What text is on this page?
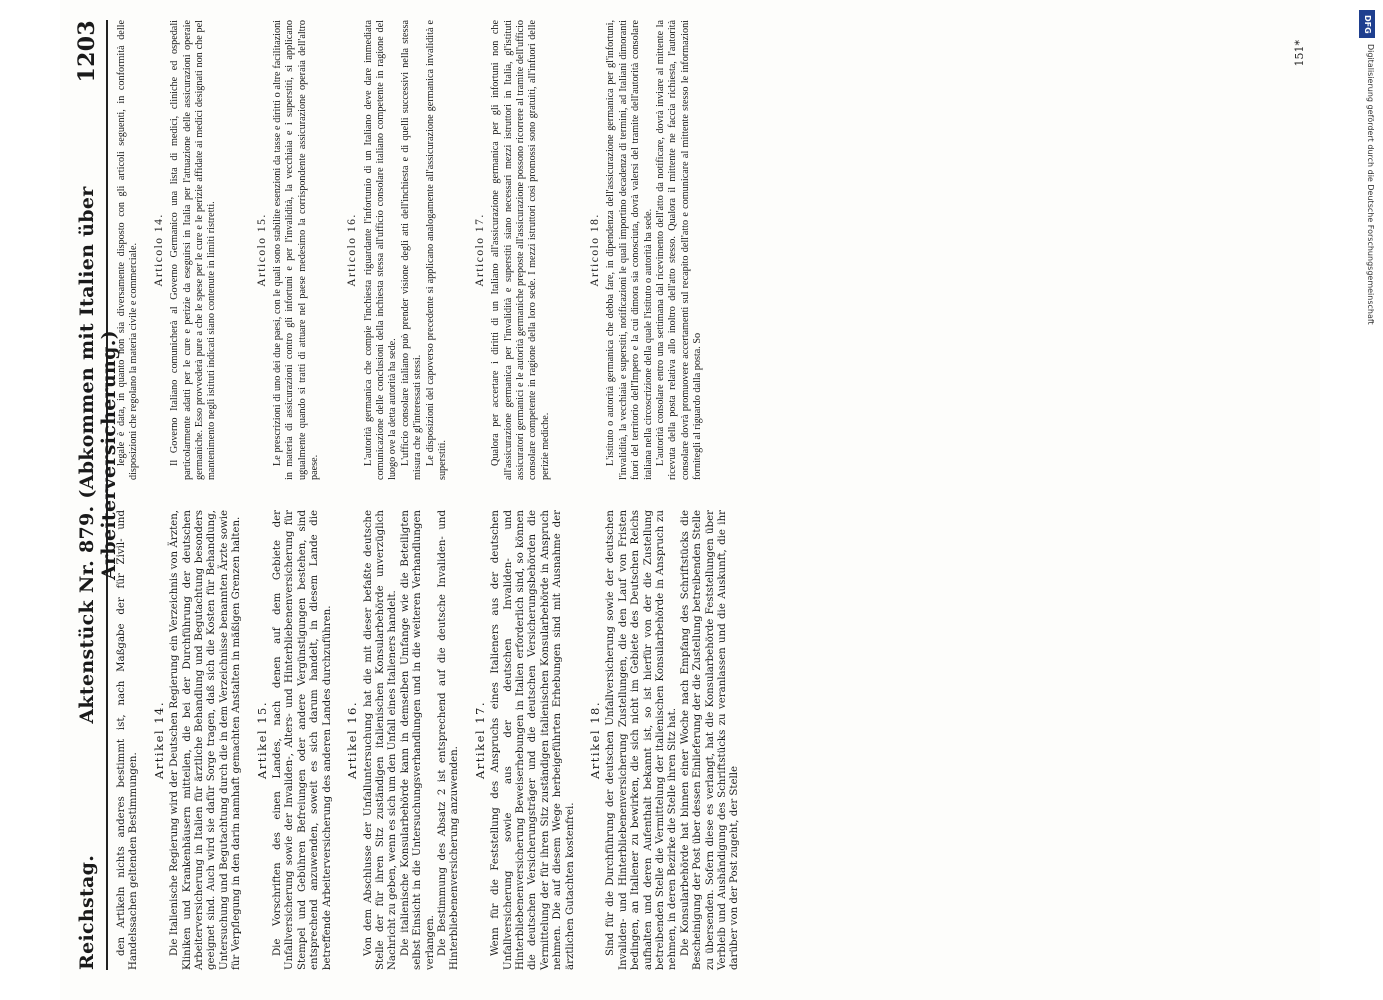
Reichstag.
Aktenstück Nr. 879. (Abkommen mit Italien über Arbeiterversicherung.)
1203

den Artikeln nichts anderes bestimmt ist, nach Maßgabe der für Zivil- und Handelssachen geltenden Bestimmungen.

legale è data, in quanto non sia diversamente disposto con gli articoli seguenti, in conformità delle disposizioni che regolano la materia civile e commerciale.

Artikel 14. Die Italienische Regierung wird der Deutschen Regierung ein Verzeichnis von Ärzten, Kliniken und Krankenhäusern mitteilen, die bei der Durchführung der deutschen Arbeiterversicherung in Italien für ärztliche Behandlung und Begutachtung besonders geeignet sind. Auch wird sie dafür Sorge tragen, daß sich die Kosten für Behandlung, Untersuchung und Begutachtung durch die in dem Verzeichnisse benannten Ärzte sowie für Verpflegung in den darin namhaft gemachten Anstalten in mäßigen Grenzen halten.

Articolo 14. Il Governo Italiano comunicherà al Governo Germanico una lista di medici, cliniche ed ospedali particolarmente adatti per le cure e perizie da eseguirsi in Italia per l'attuazione delle assicurazioni operaie germaniche. Esso provvederà pure a che le spese per le cure e le perizie affidate ai medici designati non che pel mantenimento negli istituti indicati siano contenute in limiti ristretti.

Artikel 15. Die Vorschriften des einen Landes, nach denen auf dem Gebiete der Unfallversicherung sowie der Invaliden-, Alters- und Hinterbliebenenversicherung für Stempel und Gebühren Befreiungen oder andere Vergünstigungen bestehen, sind entsprechend anzuwenden, soweit es sich darum handelt, in diesem Lande die betreffende Arbeiterversicherung des anderen Landes durchzuführen.

Articolo 15. Le prescrizioni di uno dei due paesi, con le quali sono stabilite esenzioni da tasse e diritti o altre facilitazioni in materia di assicurazioni contro gli infortuni e per l'invalidità, la vecchiaia e i superstiti, si applicano ugualmente quando si tratti di attuare nel paese medesimo la corrispondente assicurazione operaia dell'altro paese.

Artikel 16. Von dem Abschlusse der Unfalluntersuchung hat die mit dieser befaßte deutsche Stelle der für ihren Sitz zuständigen italienischen Konsularbehörde unverzüglich Nachricht zu geben, wenn es sich um den Unfall eines Italieners handelt. Die italienische Konsularbehörde kann in demselben Umfange wie die Beteiligten selbst Einsicht in die Untersuchungsverhandlungen und in die weiteren Verhandlungen verlangen. Die Bestimmung des Absatz 2 ist entsprechend auf die deutsche Invaliden- und Hinterbliebenenversicherung anzuwenden.

Articolo 16. L'autorità germanica che compie l'inchiesta riguardante l'infortunio di un Italiano deve dare immediata comunicazione delle conclusioni della inchiesta stessa all'ufficio consolare italiano competente in ragione del luogo ove la detta autorità ha sede. L'ufficio consolare italiano può prender visione degli atti dell'inchiesta e di quelli successivi nella stessa misura che gl'interessati stessi. Le disposizioni del capoverso precedente si applicano analogamente all'assicurazione germanica invalidità e superstiti.

Artikel 17. Wenn für die Feststellung des Anspruchs eines Italieners aus der deutschen Unfallversicherung sowie aus der deutschen Invaliden- und Hinterbliebenenversicherung Beweiserhebungen in Italien erforderlich sind, so können die deutschen Versicherungsträger und die deutschen Versicherungsbehörden die Vermittelung der für ihren Sitz zuständigen italienischen Konsularbehörde in Anspruch nehmen. Die auf diesem Wege herbeigeführten Erhebungen sind mit Ausnahme der ärztlichen Gutachten kostenfrei.

Articolo 17. Qualora per accertare i diritti di un Italiano all'assicurazione germanica per gli infortuni non che all'assicurazione germanica per l'invalidità e superstiti siano necessari mezzi istruttori in Italia, gl'istituti assicuratori germanici e le autorità germaniche preposte all'assicurazione possono ricorrere al tramite dell'ufficio consolare competente in ragione della loro sede. I mezzi istruttori così promossi sono gratuiti, all'infuori delle perizie mediche.

Artikel 18. Sind für die Durchführung der deutschen Unfallversicherung sowie der deutschen Invaliden- und Hinterbliebenenversicherung Zustellungen, die den Lauf von Fristen bedingen, an Italiener zu bewirken, die sich nicht im Gebiete des Deutschen Reichs aufhalten und deren Aufenthalt bekannt ist, so ist hierfür von der die Zustellung betreibenden Stelle die Vermittelung der italienischen Konsularbehörde in Anspruch zu nehmen, in deren Bezirke die Stelle ihren Sitz hat. Die Konsularbehörde hat binnen einer Woche nach Empfang des Schriftstücks die Bescheinigung der Post über dessen Einlieferung der die Zustellung betreibenden Stelle zu übersenden. Sofern diese es verlangt, hat die Konsularbehörde Feststellungen über Verbleib und Aushändigung des Schriftstücks zu veranlassen und die Auskunft, die ihr darüber von der Post zugeht, der Stelle

Articolo 18. L'istituto o autorità germanica che debba fare, in dipendenza dell'assicurazione germanica per gl'infortuni, l'invalidità, la vecchiaia e superstiti, notificazioni le quali importino decadenza di termini, ad Italiani dimoranti fuori del territorio dell'Impero e la cui dimora sia conosciuta, dovrà valersi del tramite dell'autorità consolare italiana nella circoscrizione della quale l'istituto o autorità ha sede. L'autorità consolare entro una settimana dal ricevimento dell'atto da notificare, dovrà inviare al mittente la ricevuta della posta relativa allo inoltro dell'atto stesso. Qualora il mittente ne faccia richiesta, l'autorità consolare dovrà promuovere accertamenti sul recapito dell'atto e comunicare al mittente stesso le informazioni fornitegli al riguardo dalla posta. So

151*
DFG
Digitalisierung gefördert durch die Deutsche Forschungsgemeinschaft
